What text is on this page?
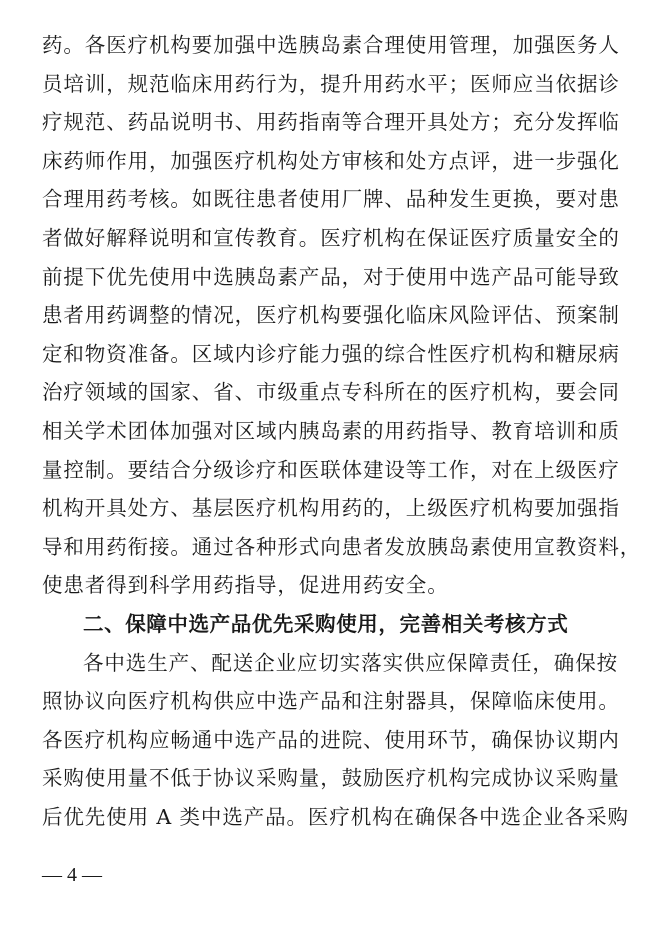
药。各医疗机构要加强中选胰岛素合理使用管理，加强医务人
员培训，规范临床用药行为，提升用药水平；医师应当依据诊
疗规范、药品说明书、用药指南等合理开具处方；充分发挥临
床药师作用，加强医疗机构处方审核和处方点评，进一步强化
合理用药考核。如既往患者使用厂牌、品种发生更换，要对患
者做好解释说明和宣传教育。医疗机构在保证医疗质量安全的
前提下优先使用中选胰岛素产品，对于使用中选产品可能导致
患者用药调整的情况，医疗机构要强化临床风险评估、预案制
定和物资准备。区域内诊疗能力强的综合性医疗机构和糖尿病
治疗领域的国家、省、市级重点专科所在的医疗机构，要会同
相关学术团体加强对区域内胰岛素的用药指导、教育培训和质
量控制。要结合分级诊疗和医联体建设等工作，对在上级医疗
机构开具处方、基层医疗机构用药的，上级医疗机构要加强指
导和用药衔接。通过各种形式向患者发放胰岛素使用宣教资料，
使患者得到科学用药指导，促进用药安全。
二、保障中选产品优先采购使用，完善相关考核方式
各中选生产、配送企业应切实落实供应保障责任，确保按
照协议向医疗机构供应中选产品和注射器具，保障临床使用。
各医疗机构应畅通中选产品的进院、使用环节，确保协议期内
采购使用量不低于协议采购量，鼓励医疗机构完成协议采购量
后优先使用 A 类中选产品。医疗机构在确保各中选企业各采购
— 4 —
